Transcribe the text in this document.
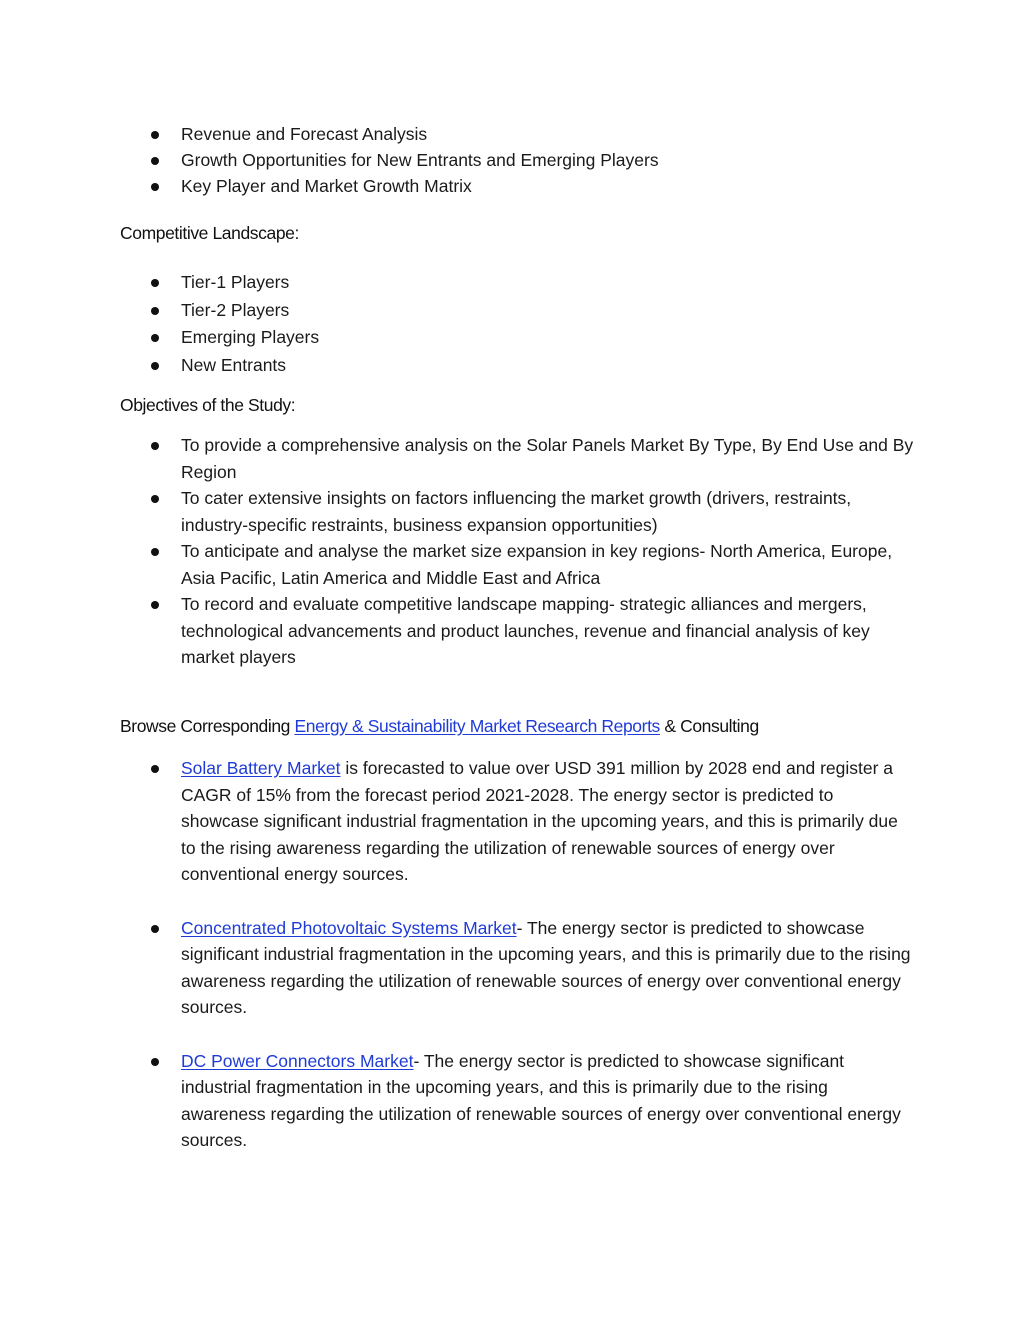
Revenue and Forecast Analysis
Growth Opportunities for New Entrants and Emerging Players
Key Player and Market Growth Matrix
Competitive Landscape:
Tier-1 Players
Tier-2 Players
Emerging Players
New Entrants
Objectives of the Study:
To provide a comprehensive analysis on the Solar Panels Market By Type, By End Use and By Region
To cater extensive insights on factors influencing the market growth (drivers, restraints, industry-specific restraints, business expansion opportunities)
To anticipate and analyse the market size expansion in key regions- North America, Europe, Asia Pacific, Latin America and Middle East and Africa
To record and evaluate competitive landscape mapping- strategic alliances and mergers, technological advancements and product launches, revenue and financial analysis of key market players
Browse Corresponding Energy & Sustainability Market Research Reports & Consulting
Solar Battery Market is forecasted to value over USD 391 million by 2028 end and register a CAGR of 15% from the forecast period 2021-2028. The energy sector is predicted to showcase significant industrial fragmentation in the upcoming years, and this is primarily due to the rising awareness regarding the utilization of renewable sources of energy over conventional energy sources.
Concentrated Photovoltaic Systems Market- The energy sector is predicted to showcase significant industrial fragmentation in the upcoming years, and this is primarily due to the rising awareness regarding the utilization of renewable sources of energy over conventional energy sources.
DC Power Connectors Market- The energy sector is predicted to showcase significant industrial fragmentation in the upcoming years, and this is primarily due to the rising awareness regarding the utilization of renewable sources of energy over conventional energy sources.
